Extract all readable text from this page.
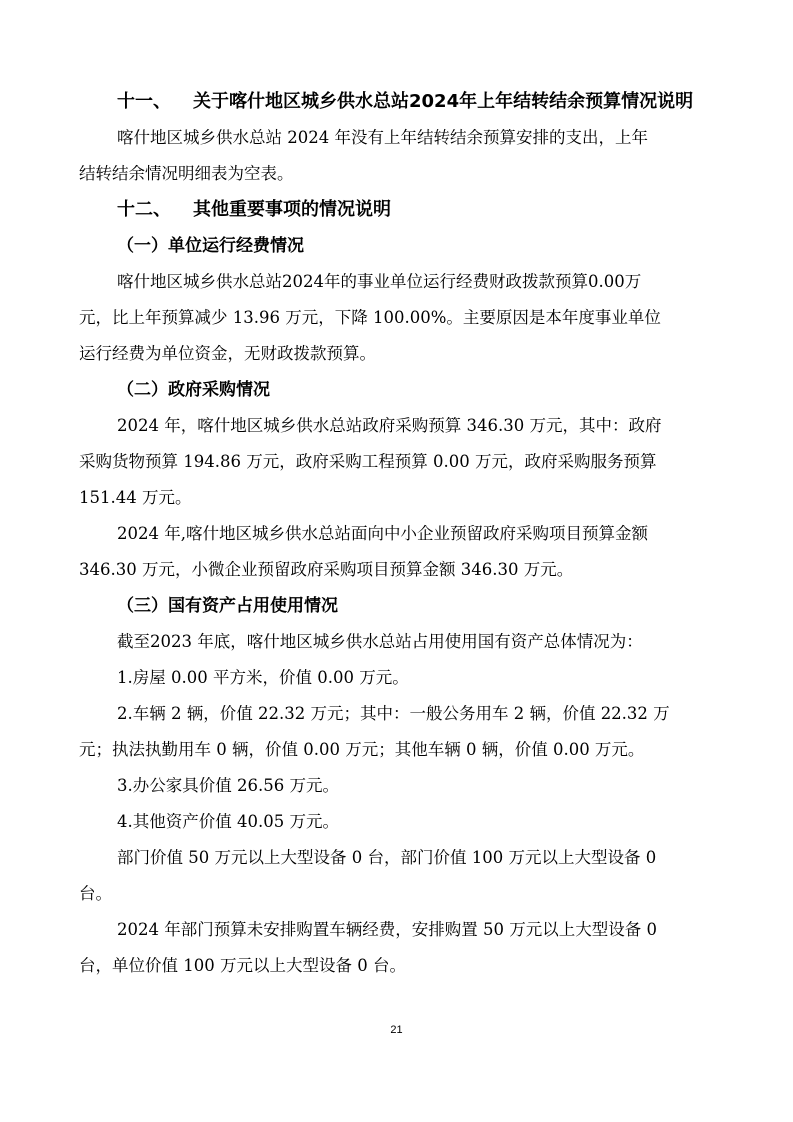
十一、 关于喀什地区城乡供水总站2024年上年结转结余预算情况说明
喀什地区城乡供水总站 2024 年没有上年结转结余预算安排的支出，上年
结转结余情况明细表为空表。
十二、 其他重要事项的情况说明
（一）单位运行经费情况
喀什地区城乡供水总站2024年的事业单位运行经费财政拨款预算0.00万
元，比上年预算减少 13.96 万元，下降 100.00%。主要原因是本年度事业单位
运行经费为单位资金，无财政拨款预算。
（二）政府采购情况
2024 年，喀什地区城乡供水总站政府采购预算 346.30 万元，其中：政府
采购货物预算 194.86 万元，政府采购工程预算 0.00 万元，政府采购服务预算
151.44 万元。
2024 年,喀什地区城乡供水总站面向中小企业预留政府采购项目预算金额
346.30 万元，小微企业预留政府采购项目预算金额 346.30 万元。
（三）国有资产占用使用情况
截至2023 年底，喀什地区城乡供水总站占用使用国有资产总体情况为：
1.房屋 0.00 平方米，价值 0.00 万元。
2.车辆 2 辆，价值 22.32 万元；其中：一般公务用车 2 辆，价值 22.32 万
元；执法执勤用车 0 辆，价值 0.00 万元；其他车辆 0 辆，价值 0.00 万元。
3.办公家具价值 26.56 万元。
4.其他资产价值 40.05 万元。
部门价值 50 万元以上大型设备 0 台，部门价值 100 万元以上大型设备 0
台。
2024 年部门预算未安排购置车辆经费，安排购置 50 万元以上大型设备 0
台，单位价值 100 万元以上大型设备 0 台。
21
